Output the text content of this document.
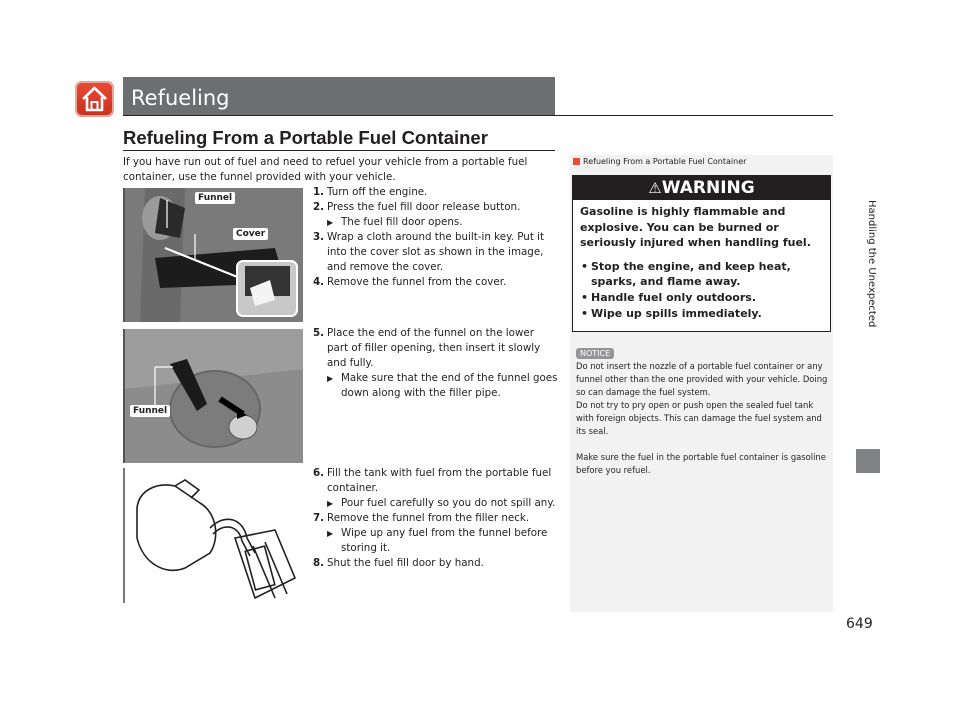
Refueling
Refueling From a Portable Fuel Container
If you have run out of fuel and need to refuel your vehicle from a portable fuel container, use the funnel provided with your vehicle.
Funnel
Cover
Funnel
1. Turn off the engine.
2. Press the fuel fill door release button.
▶ The fuel fill door opens.
3. Wrap a cloth around the built-in key. Put it into the cover slot as shown in the image, and remove the cover.
4. Remove the funnel from the cover.
5. Place the end of the funnel on the lower part of filler opening, then insert it slowly and fully.
▶ Make sure that the end of the funnel goes down along with the filler pipe.
6. Fill the tank with fuel from the portable fuel container.
▶ Pour fuel carefully so you do not spill any.
7. Remove the funnel from the filler neck.
▶ Wipe up any fuel from the funnel before storing it.
8. Shut the fuel fill door by hand.
Handling the Unexpected
649
Refueling From a Portable Fuel Container
⚠WARNING
Gasoline is highly flammable and explosive. You can be burned or seriously injured when handling fuel.
• Stop the engine, and keep heat, sparks, and flame away.
• Handle fuel only outdoors.
• Wipe up spills immediately.
NOTICE
Do not insert the nozzle of a portable fuel container or any funnel other than the one provided with your vehicle. Doing so can damage the fuel system.
Do not try to pry open or push open the sealed fuel tank with foreign objects. This can damage the fuel system and its seal.
Make sure the fuel in the portable fuel container is gasoline before you refuel.
